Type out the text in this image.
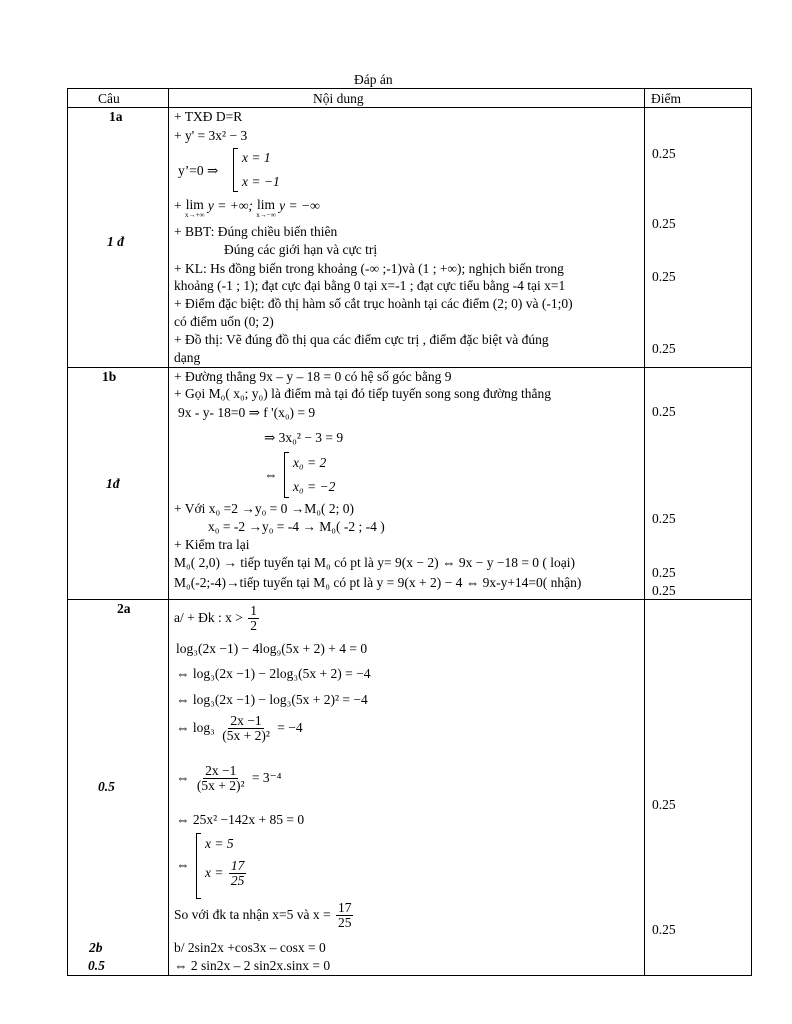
Đáp án
Câu	Nội dung	Điểm
1a
1 đ
+ TXĐ D=R
+ y' = 3x² − 3
y’=0 ⇒
x = 1
x = −1
+ lim
x→+∞
y = +∞; lim
x→−∞
y = −∞
+ BBT: Đúng chiều biến thiên
Đúng các giới hạn và cực trị
+ KL: Hs đồng biến trong khoảng (-∞ ;-1)và (1 ; +∞); nghịch biến trong
khoảng (-1 ; 1); đạt cực đại bằng 0 tại x=-1 ; đạt cực tiểu bằng -4 tại x=1
+ Điểm đặc biệt: đồ thị hàm số cắt trục hoành tại các điểm (2; 0) và (-1;0)
có điểm uốn (0; 2)
+ Đồ thị: Vẽ đúng đồ thị qua các điểm cực trị , điểm đặc biệt và đúng
dạng
0.25
0.25
0.25
0.25
1b
1đ
+ Đường thẳng 9x – y – 18 = 0 có hệ số góc bằng 9
+ Gọi M₀( x₀; y₀) là điểm mà tại đó tiếp tuyến song song đường thẳng
9x - y- 18=0 ⇒ f '(x₀) = 9
⇒ 3x₀² − 3 = 9
⇔
x₀ = 2
x₀ = −2
+ Với x₀ =2 →y₀ = 0 →M₀( 2; 0)
x₀ = -2 →y₀ = -4 → M₀( -2 ; -4 )
+ Kiểm tra lại
M₀( 2,0) → tiếp tuyến tại M₀ có pt là y= 9(x − 2) ⇔ 9x − y −18 = 0 ( loại)
M₀(-2;-4)→tiếp tuyến tại M₀ có pt là y = 9(x + 2) − 4 ⇔ 9x-y+14=0( nhận)
0.25
0.25
0.25
0.25
2a
0.5
a/ + Đk : $x > \frac{1}{2}$
log₃(2x −1) − 4log₉(5x + 2) + 4 = 0
⇔ log₃(2x −1) − 2log₃(5x + 2) = −4
⇔ log₃(2x −1) − log₃(5x + 2)² = −4
⇔ $\log_3 \frac{2x -1}{\text{(5x + 2)²}} = -4$
⇔ $\frac{2x -1}{\text{(5x + 2)²}} = 3^{-4}$
⇔ 25x² −142x + 85 = 0
⇔
x = 5
$x = \frac{17}{25}$
So với đk ta nhận x=5 và $x = \frac{17}{25}$
0.25
0.25
2b
0.5
b/ 2sin2x +cos3x – cosx = 0
⇔ 2 sin2x – 2 sin2x.sinx = 0
